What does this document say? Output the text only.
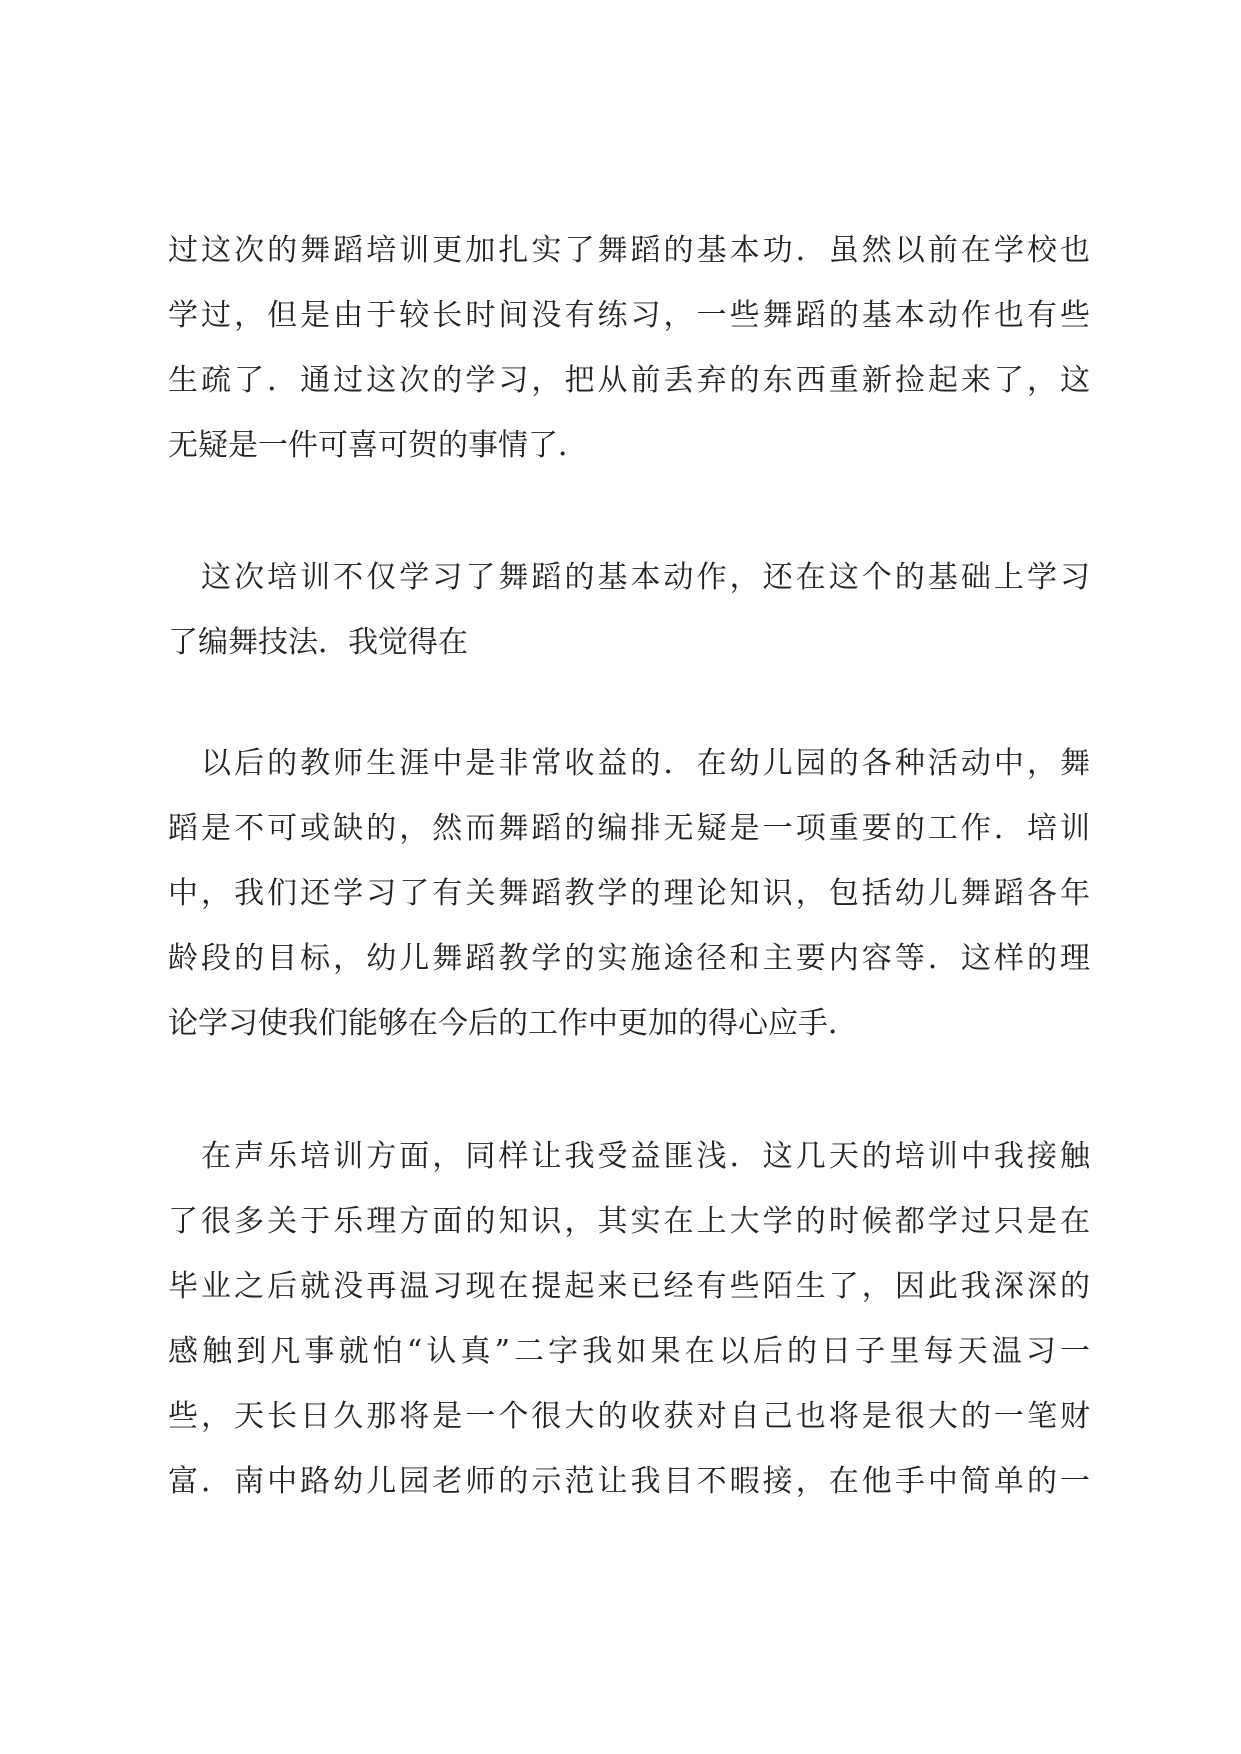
过这次的舞蹈培训更加扎实了舞蹈的基本功．虽然以前在学校也
学过，但是由于较长时间没有练习，一些舞蹈的基本动作也有些
生疏了．通过这次的学习，把从前丢弃的东西重新捡起来了，这
无疑是一件可喜可贺的事情了．
　这次培训不仅学习了舞蹈的基本动作，还在这个的基础上学习
了编舞技法．我觉得在
　以后的教师生涯中是非常收益的．在幼儿园的各种活动中，舞
蹈是不可或缺的，然而舞蹈的编排无疑是一项重要的工作．培训
中，我们还学习了有关舞蹈教学的理论知识，包括幼儿舞蹈各年
龄段的目标，幼儿舞蹈教学的实施途径和主要内容等．这样的理
论学习使我们能够在今后的工作中更加的得心应手．
　在声乐培训方面，同样让我受益匪浅．这几天的培训中我接触
了很多关于乐理方面的知识，其实在上大学的时候都学过只是在
毕业之后就没再温习现在提起来已经有些陌生了，因此我深深的
感触到凡事就怕“认真”二字我如果在以后的日子里每天温习一
些，天长日久那将是一个很大的收获对自己也将是很大的一笔财
富．南中路幼儿园老师的示范让我目不暇接，在他手中简单的一
